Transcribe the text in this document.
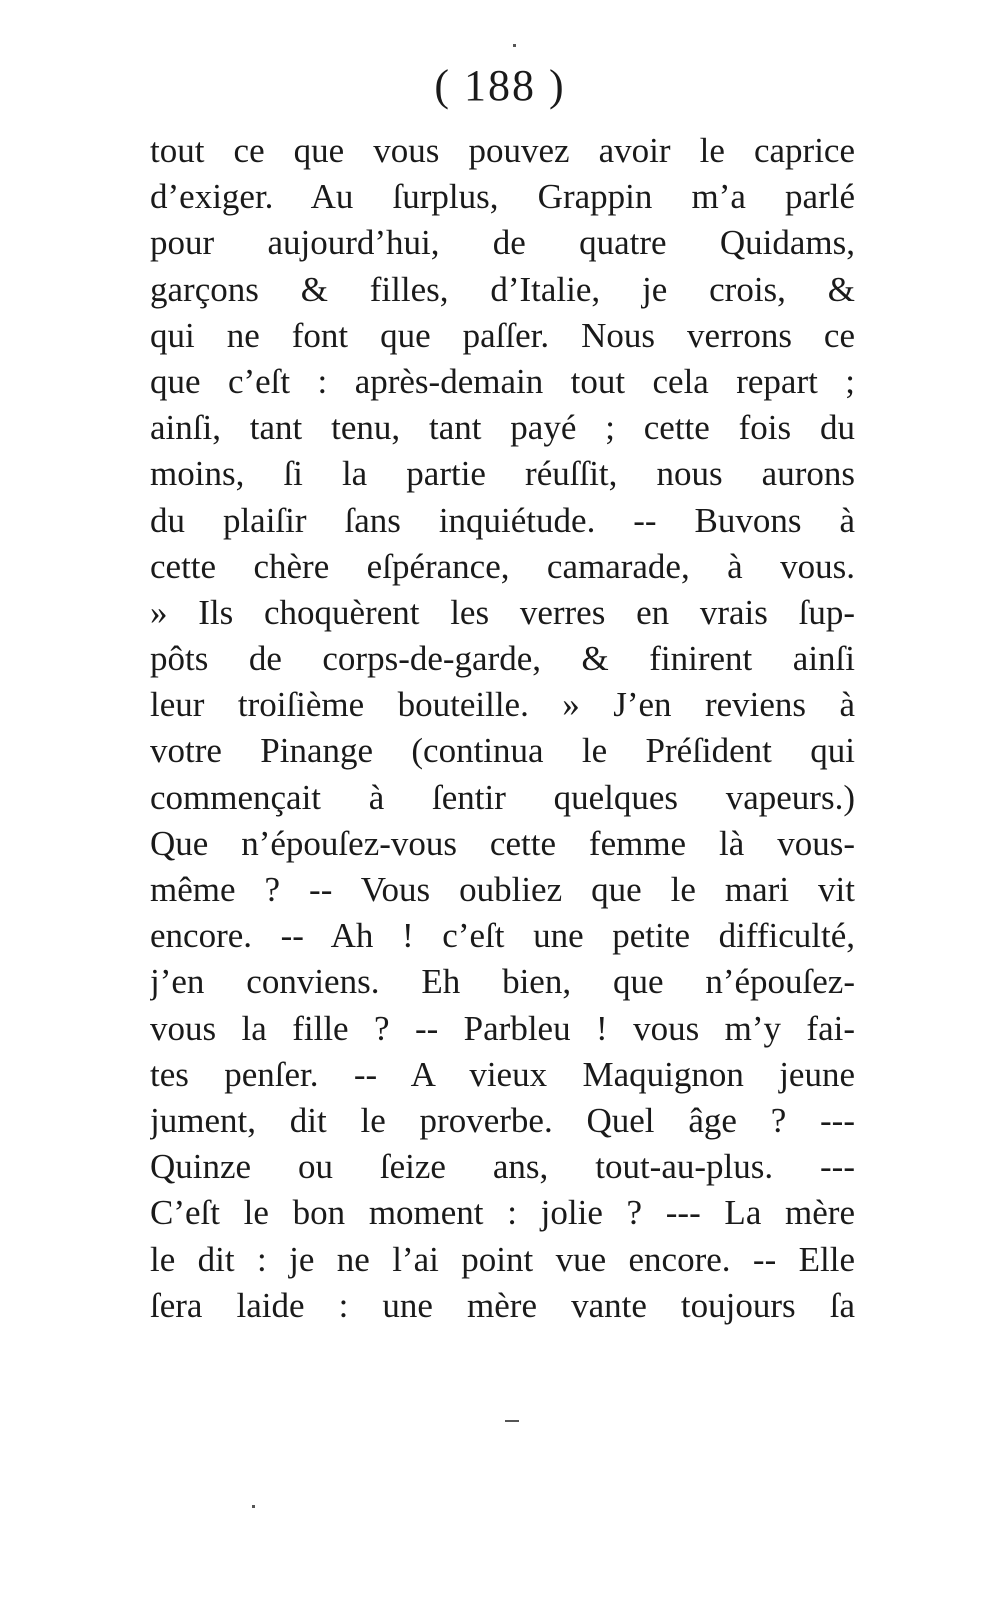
( 188 )
tout ce que vous pouvez avoir le caprice
d’exiger. Au ſurplus, Grappin m’a parlé
pour aujourd’hui, de quatre Quidams,
garçons & filles, d’Italie, je crois, &
qui ne font que paſſer. Nous verrons ce
que c’eſt : après-demain tout cela repart ;
ainſi, tant tenu, tant payé ; cette fois du
moins, ſi la partie réuſſit, nous aurons
du plaiſir ſans inquiétude. -- Buvons à
cette chère eſpérance, camarade, à vous.
» Ils choquèrent les verres en vrais ſup-
pôts de corps-de-garde, & finirent ainſi
leur troiſième bouteille. » J’en reviens à
votre Pinange (continua le Préſident qui
commençait à ſentir quelques vapeurs.)
Que n’épouſez-vous cette femme là vous-
même ? -- Vous oubliez que le mari vit
encore. -- Ah ! c’eſt une petite difficulté,
j’en conviens. Eh bien, que n’épouſez-
vous la fille ? -- Parbleu ! vous m’y fai-
tes penſer. -- A vieux Maquignon jeune
jument, dit le proverbe. Quel âge ? ---
Quinze ou ſeize ans, tout-au-plus. ---
C’eſt le bon moment : jolie ? --- La mère
le dit : je ne l’ai point vue encore. -- Elle
ſera laide : une mère vante toujours ſa
